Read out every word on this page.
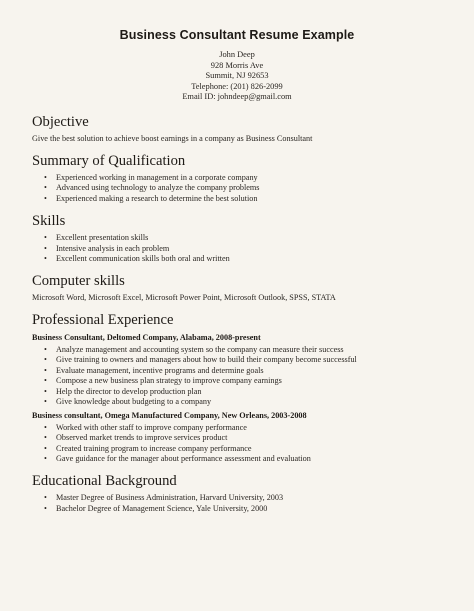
Business Consultant Resume Example
John Deep
928 Morris Ave
Summit, NJ 92653
Telephone: (201) 826-2099
Email ID: johndeep@gmail.com
Objective

Give the best solution to achieve boost earnings in a company as Business Consultant

Summary of Qualification
• Experienced working in management in a corporate company
• Advanced using technology to analyze the company problems
• Experienced making a research to determine the best solution
Skills
• Excellent presentation skills
• Intensive analysis in each problem
• Excellent communication skills both oral and written
Computer skills

Microsoft Word, Microsoft Excel, Microsoft Power Point, Microsoft Outlook, SPSS, STATA

Professional Experience
Business Consultant, Deltomed Company, Alabama, 2008-present
• Analyze management and accounting system so the company can measure their success
• Give training to owners and managers about how to build their company become successful
• Evaluate management, incentive programs and determine goals
• Compose a new business plan strategy to improve company earnings
• Help the director to develop production plan
• Give knowledge about budgeting to a company
Business consultant, Omega Manufactured Company, New Orleans, 2003-2008
• Worked with other staff to improve company performance
• Observed market trends to improve services product
• Created training program to increase company performance
• Gave guidance for the manager about performance assessment and evaluation
Educational Background
• Master Degree of Business Administration, Harvard University, 2003
• Bachelor Degree of Management Science, Yale University, 2000
